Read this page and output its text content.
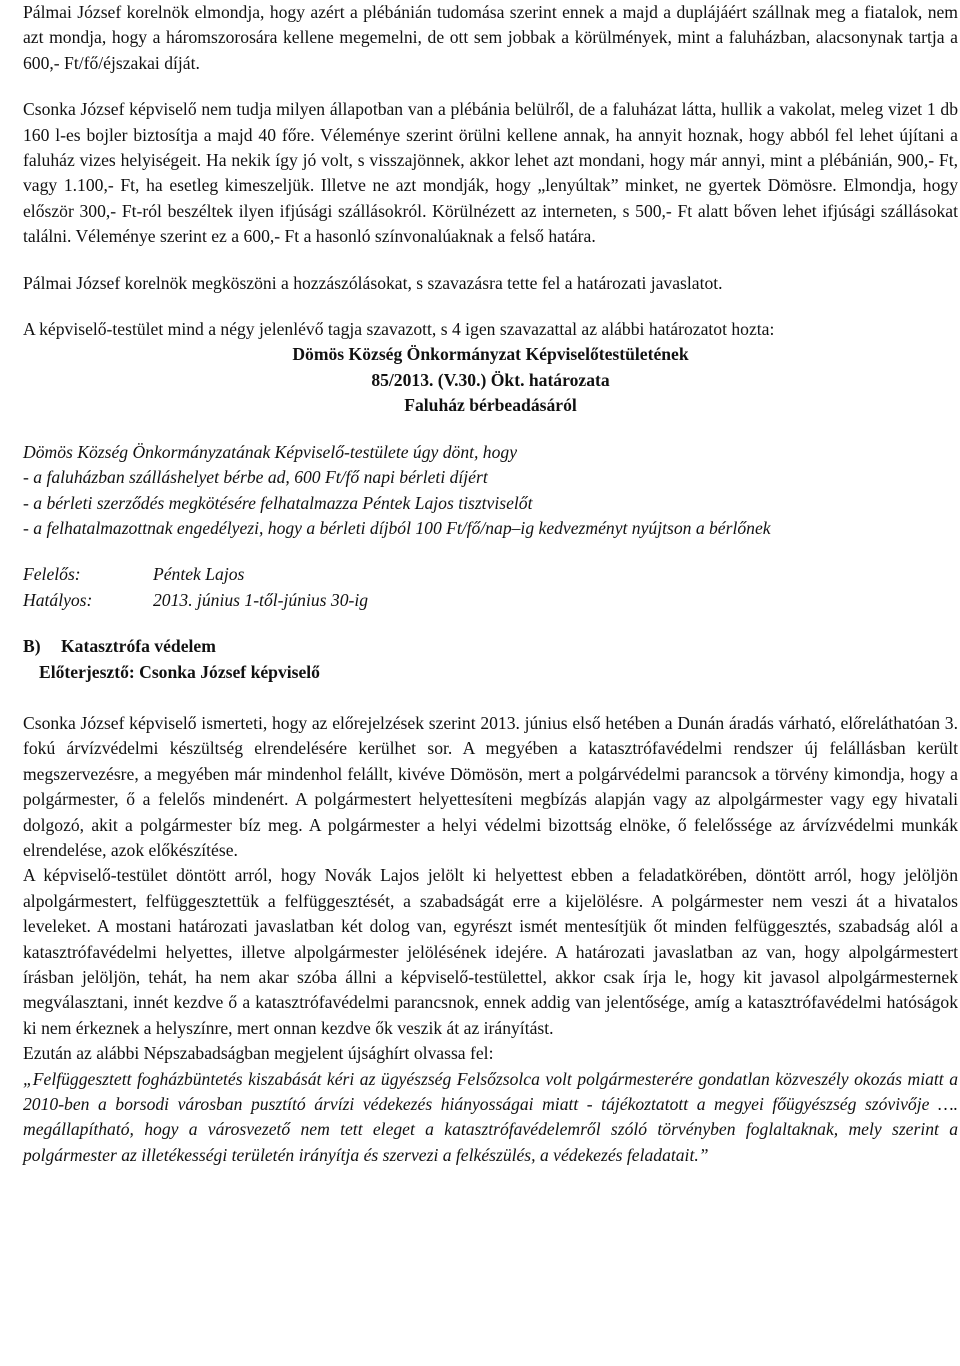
Pálmai József korelnök elmondja, hogy azért a plébánián tudomása szerint ennek a majd a duplájáért szállnak meg a fiatalok, nem azt mondja, hogy a háromszorosára kellene megemelni, de ott sem jobbak a körülmények, mint a faluházban, alacsonynak tartja a 600,- Ft/fő/éjszakai díját.

Csonka József képviselő nem tudja milyen állapotban van a plébánia belülről, de a faluházat látta, hullik a vakolat, meleg vizet 1 db 160 l-es bojler biztosítja a majd 40 főre. Véleménye szerint örülni kellene annak, ha annyit hoznak, hogy abból fel lehet újítani a faluház vizes helyiségeit. Ha nekik így jó volt, s visszajönnek, akkor lehet azt mondani, hogy már annyi, mint a plébánián, 900,- Ft, vagy 1.100,- Ft, ha esetleg kimeszeljük. Illetve ne azt mondják, hogy „lenyúltak” minket, ne gyertek Dömösre. Elmondja, hogy először 300,- Ft-ról beszéltek ilyen ifjúsági szállásokról. Körülnézett az interneten, s 500,- Ft alatt bőven lehet ifjúsági szállásokat találni. Véleménye szerint ez a 600,- Ft a hasonló színvonalúaknak a felső határa.

Pálmai József korelnök megköszöni a hozzászólásokat, s szavazásra tette fel a határozati javaslatot.

A képviselő-testület mind a négy jelenlévő tagja szavazott, s 4 igen szavazattal az alábbi határozatot hozta:

Dömös Község Önkormányzat Képviselőtestületének

85/2013. (V.30.) Ökt. határozata

Faluház bérbeadásáról

Dömös Község Önkormányzatának Képviselő-testülete úgy dönt, hogy

- a faluházban szálláshelyet bérbe ad, 600 Ft/fő napi bérleti díjért

- a bérleti szerződés megkötésére felhatalmazza Péntek Lajos tisztviselőt

- a felhatalmazottnak engedélyezi, hogy a bérleti díjból 100 Ft/fő/nap–ig kedvezményt nyújtson a bérlőnek

Felelős:	Péntek Lajos
Hatályos:	2013. június 1-től-június 30-ig
B)	Katasztrófa védelem
Előterjesztő: Csonka József képviselő

Csonka József képviselő ismerteti, hogy az előrejelzések szerint 2013. június első hetében a Dunán áradás várható, előreláthatóan 3. fokú árvízvédelmi készültség elrendelésére kerülhet sor. A megyében a katasztrófavédelmi rendszer új felállásban került megszervezésre, a megyében már mindenhol felállt, kivéve Dömösön, mert a polgárvédelmi parancsok a törvény kimondja, hogy a polgármester, ő a felelős mindenért. A polgármestert helyettesíteni megbízás alapján vagy az alpolgármester vagy egy hivatali dolgozó, akit a polgármester bíz meg. A polgármester a helyi védelmi bizottság elnöke, ő felelőssége az árvízvédelmi munkák elrendelése, azok előkészítése.

A képviselő-testület döntött arról, hogy Novák Lajos jelölt ki helyettest ebben a feladatkörében, döntött arról, hogy jelöljön alpolgármestert, felfüggesztettük a felfüggesztését, a szabadságát erre a kijelölésre. A polgármester nem veszi át a hivatalos leveleket. A mostani határozati javaslatban két dolog van, egyrészt ismét mentesítjük őt minden felfüggesztés, szabadság alól a katasztrófavédelmi helyettes, illetve alpolgármester jelölésének idejére. A határozati javaslatban az van, hogy alpolgármestert írásban jelöljön, tehát, ha nem akar szóba állni a képviselő-testülettel, akkor csak írja le, hogy kit javasol alpolgármesternek megválasztani, innét kezdve ő a katasztrófavédelmi parancsnok, ennek addig van jelentősége, amíg a katasztrófavédelmi hatóságok ki nem érkeznek a helyszínre, mert onnan kezdve ők veszik át az irányítást.

Ezután az alábbi Népszabadságban megjelent újsághírt olvassa fel:

„Felfüggesztett fogházbüntetés kiszabását kéri az ügyészség Felsőzsolca volt polgármesterére gondatlan közveszély okozás miatt a 2010-ben a borsodi városban pusztító árvízi védekezés hiányosságai miatt - tájékoztatott a megyei főügyészség szóvivője …. megállapítható, hogy a városvezető nem tett eleget a katasztrófavédelemről szóló törvényben foglaltaknak, mely szerint a polgármester az illetékességi területén irányítja és szervezi a felkészülés, a védekezés feladatait.”
